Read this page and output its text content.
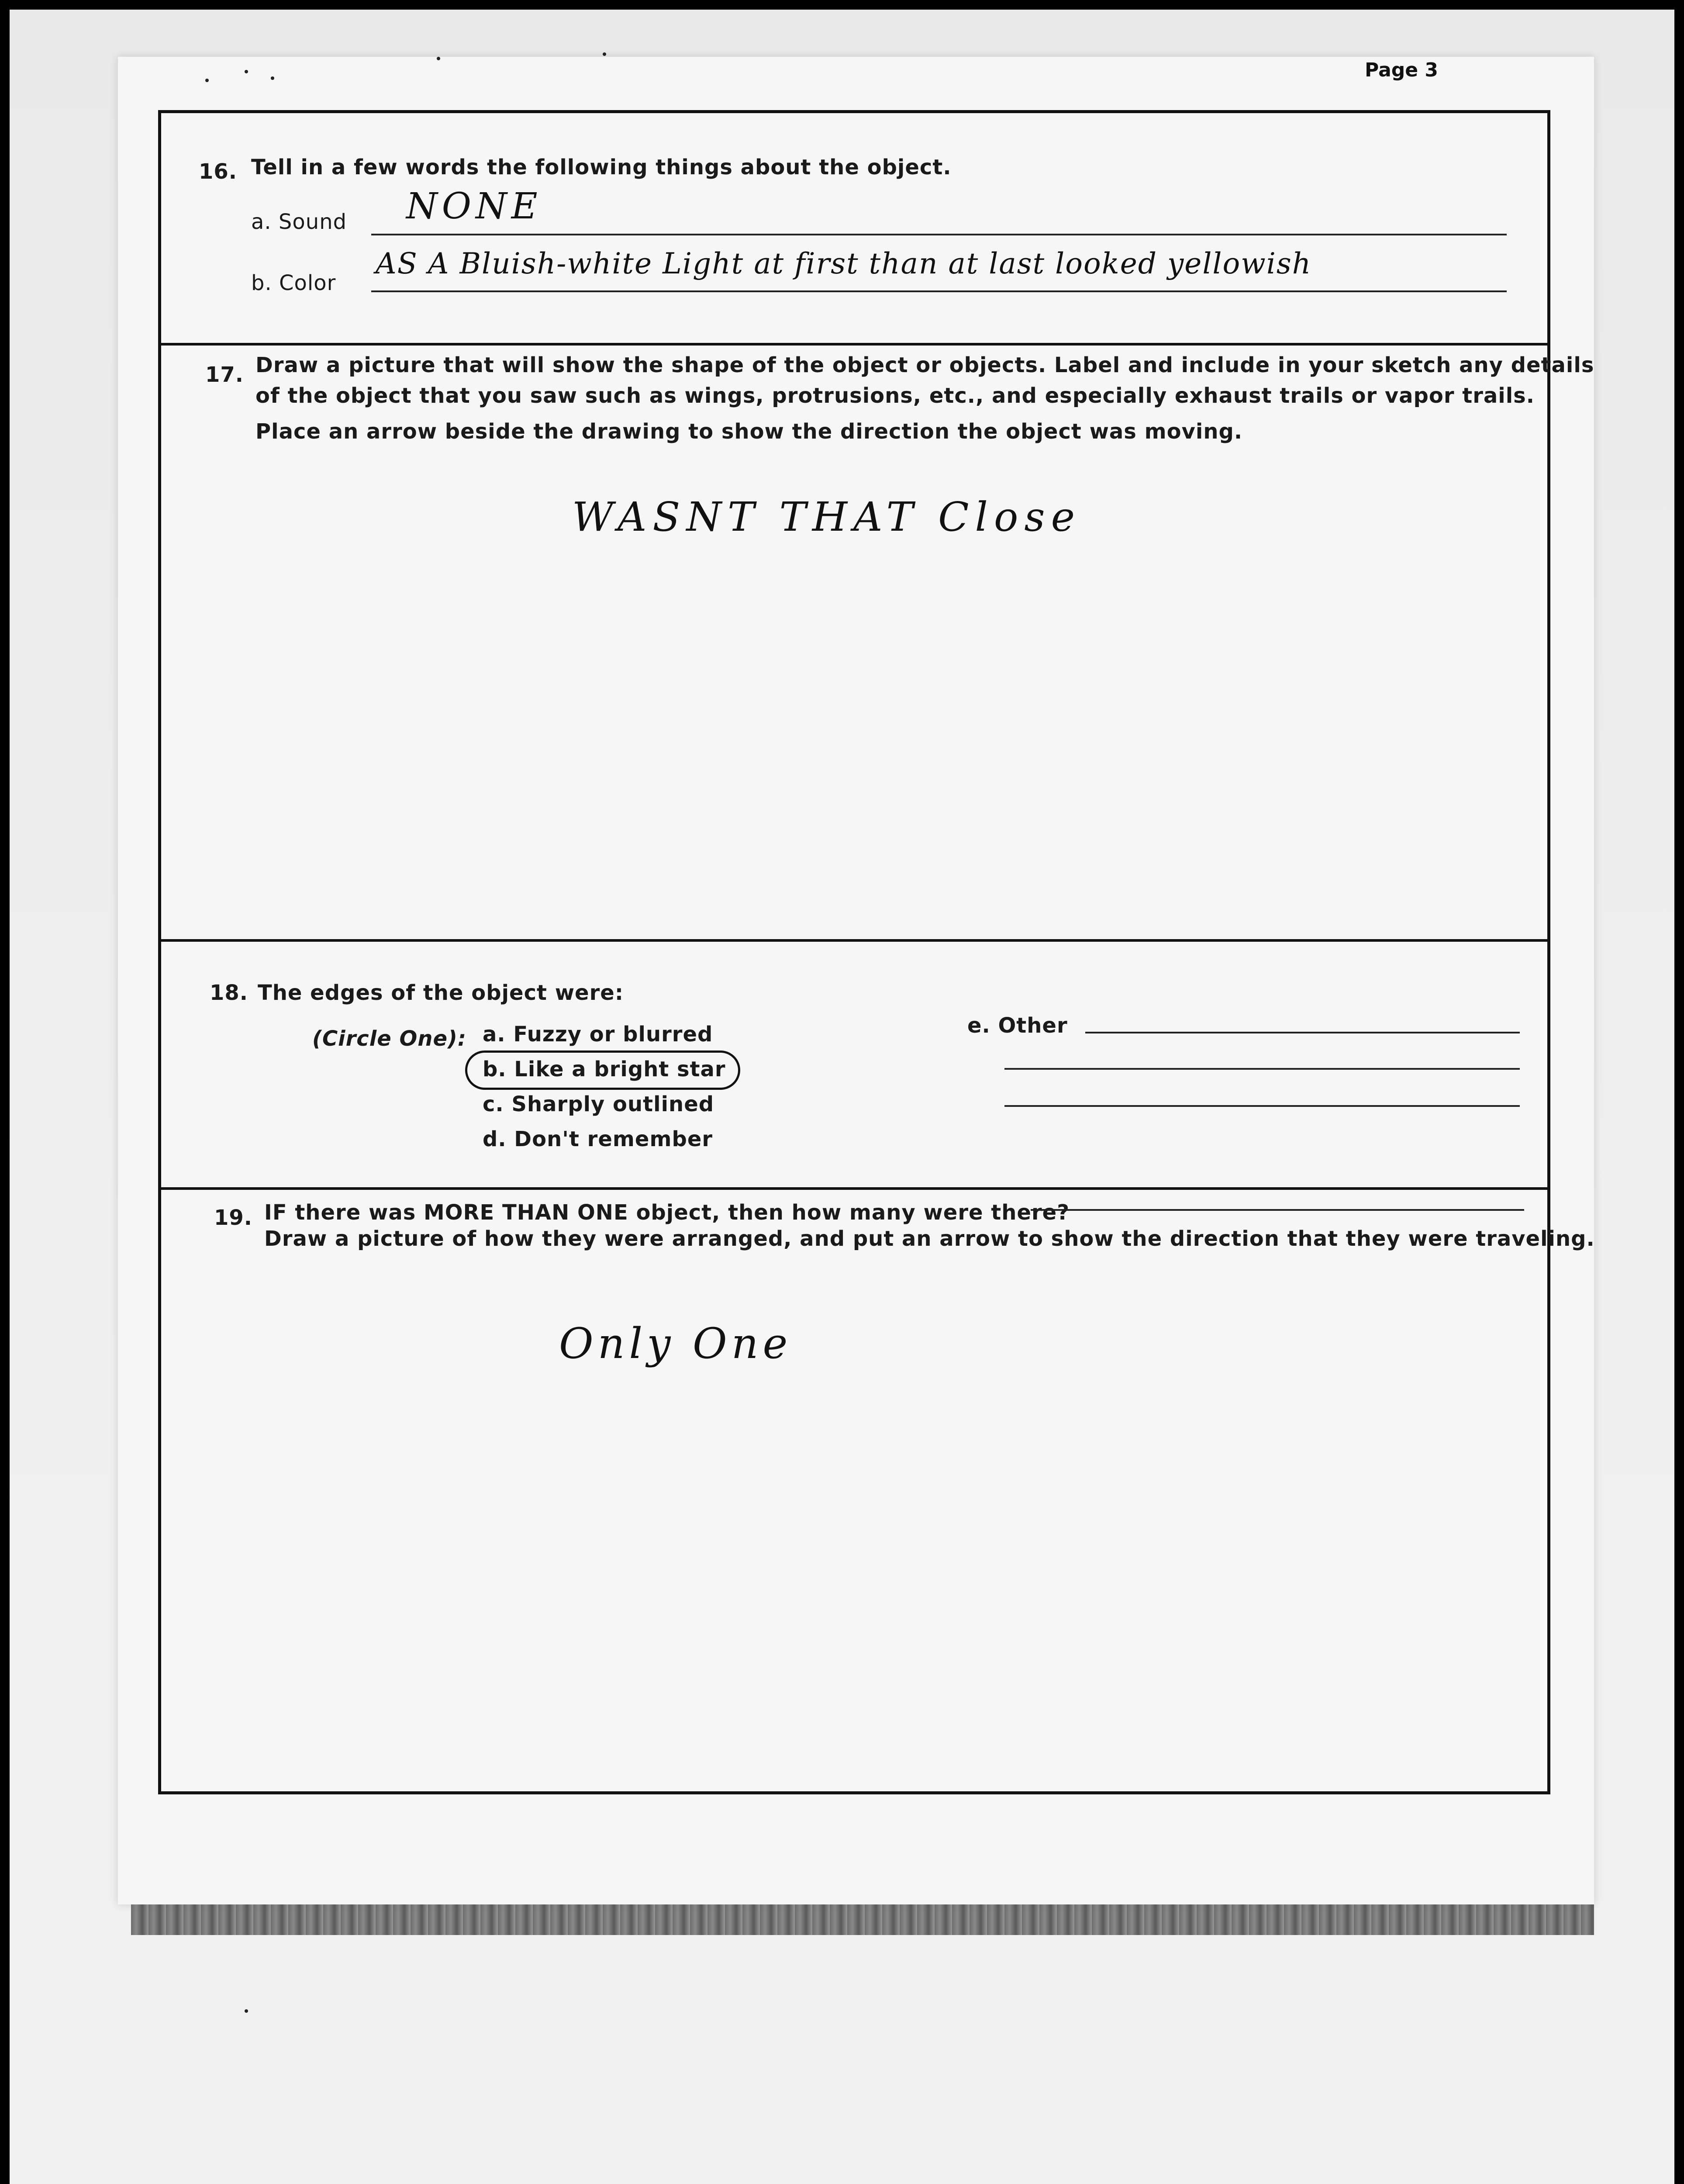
Page 3
16. Tell in a few words the following things about the object.
a. Sound NONE
b. Color
AS A Bluish-white Light at first than at last looked yellowish
17. Draw a picture that will show the shape of the object or objects. Label and include in your sketch any details
of the object that you saw such as wings, protrusions, etc., and especially exhaust trails or vapor trails.
Place an arrow beside the drawing to show the direction the object was moving.
WASNT THAT Close
18. The edges of the object were:
(Circle One): a. Fuzzy or blurred
b. Like a bright star
c. Sharply outlined
d. Don't remember
e. Other
19. IF there was MORE THAN ONE object, then how many were there?
Draw a picture of how they were arranged, and put an arrow to show the direction that they were traveling.
Only One
